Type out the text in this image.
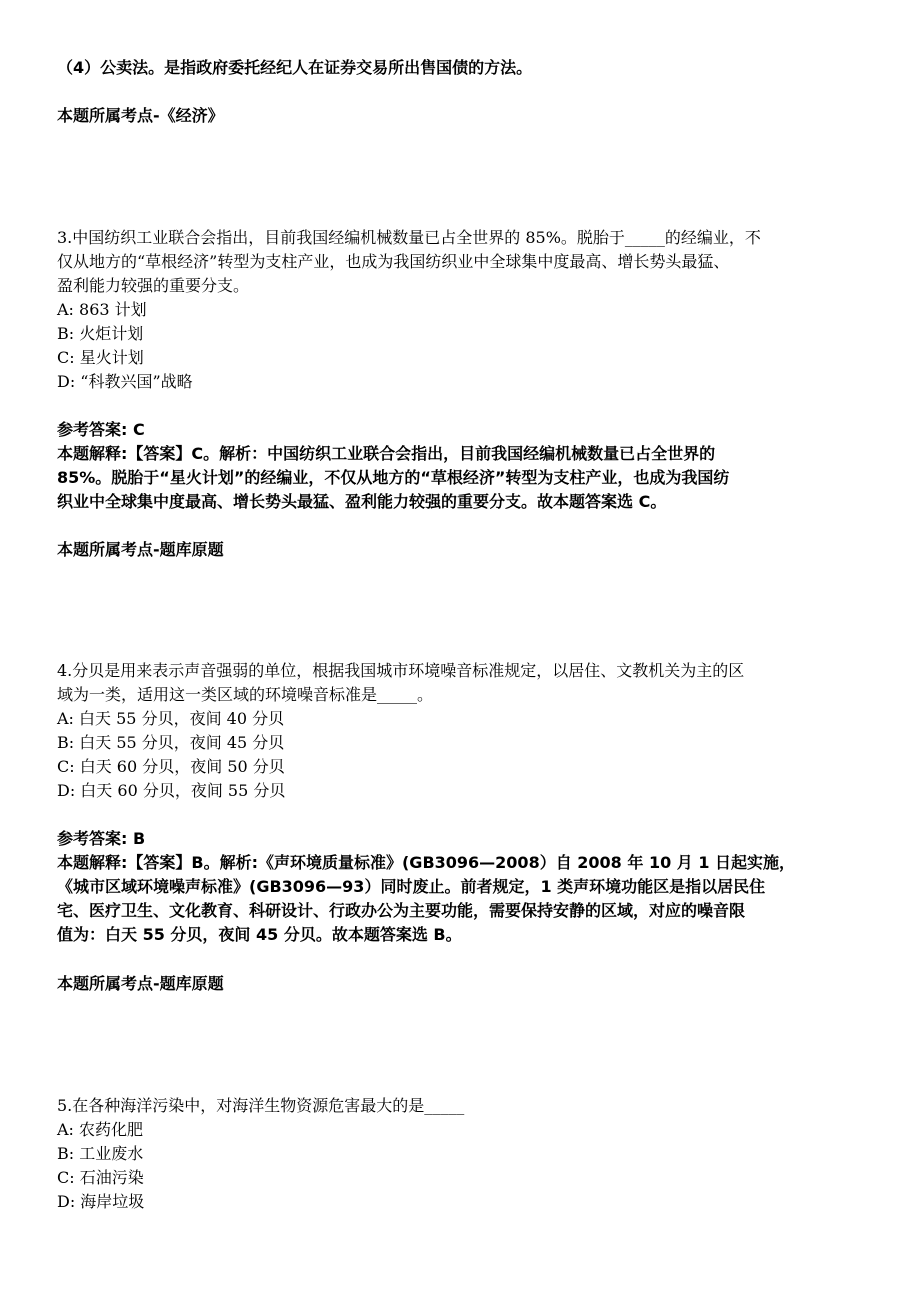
（4）公卖法。是指政府委托经纪人在证券交易所出售国债的方法。
本题所属考点-《经济》
3.中国纺织工业联合会指出，目前我国经编机械数量已占全世界的 85%。脱胎于_____的经编业，不
仅从地方的“草根经济”转型为支柱产业，也成为我国纺织业中全球集中度最高、增长势头最猛、
盈利能力较强的重要分支。
A: 863 计划
B: 火炬计划
C: 星火计划
D: “科教兴国”战略
参考答案: C
本题解释:【答案】C。解析：中国纺织工业联合会指出，目前我国经编机械数量已占全世界的
85%。脱胎于“星火计划”的经编业，不仅从地方的“草根经济”转型为支柱产业，也成为我国纺
织业中全球集中度最高、增长势头最猛、盈利能力较强的重要分支。故本题答案选 C。
本题所属考点-题库原题
4.分贝是用来表示声音强弱的单位，根据我国城市环境噪音标准规定，以居住、文教机关为主的区
域为一类，适用这一类区域的环境噪音标准是_____。
A: 白天 55 分贝，夜间 40 分贝
B: 白天 55 分贝，夜间 45 分贝
C: 白天 60 分贝，夜间 50 分贝
D: 白天 60 分贝，夜间 55 分贝
参考答案: B
本题解释:【答案】B。解析:《声环境质量标准》(GB3096—2008）自 2008 年 10 月 1 日起实施，
《城市区域环境噪声标准》(GB3096—93）同时废止。前者规定，1 类声环境功能区是指以居民住
宅、医疗卫生、文化教育、科研设计、行政办公为主要功能，需要保持安静的区域，对应的噪音限
值为：白天 55 分贝，夜间 45 分贝。故本题答案选 B。
本题所属考点-题库原题
5.在各种海洋污染中，对海洋生物资源危害最大的是_____
A: 农药化肥
B: 工业废水
C: 石油污染
D: 海岸垃圾
